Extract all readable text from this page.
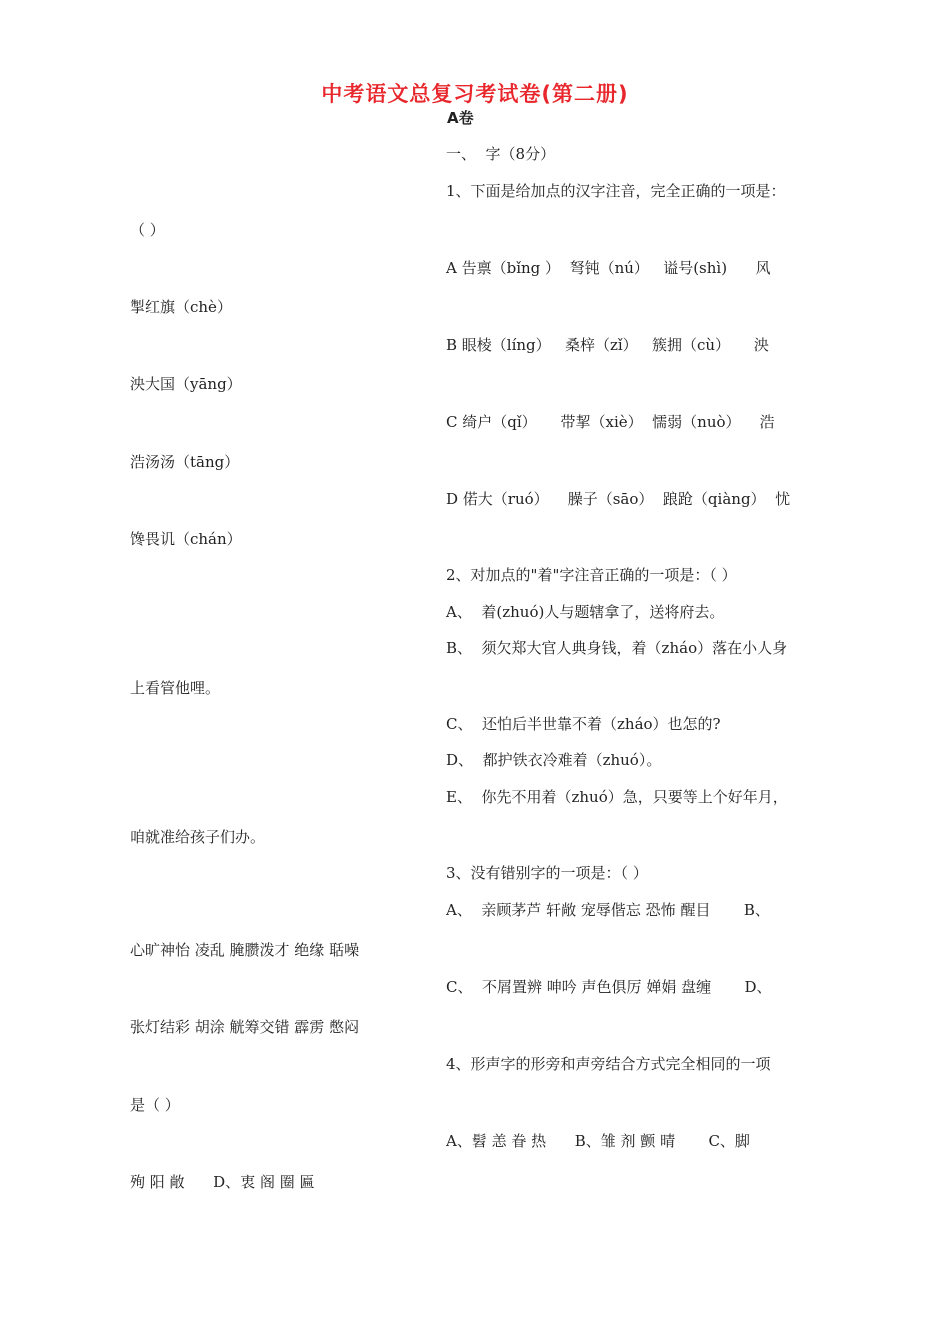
中考语文总复习考试卷(第二册)
A卷
一、  字（8分）
1、下面是给加点的汉字注音，完全正确的一项是：
（ ）
A 告禀（bǐng ）  弩钝（nú）   谥号(shì)      风
掣红旗（chè）
B 眼棱（líng）   桑梓（zǐ）   簇拥（cù）     泱
泱大国（yāng）
C 绮户（qǐ）     带挈（xiè）  懦弱（nuò）    浩
浩汤汤（tāng）
D 偌大（ruó）    臊子（sāo）  踉跄（qiàng）  忧
馋畏讥（chán）
2、对加点的"着"字注音正确的一项是：（ ）
A、  着(zhuó)人与题辖拿了，送将府去。
B、  须欠郑大官人典身钱，着（zháo）落在小人身
上看管他哩。
C、  还怕后半世靠不着（zháo）也怎的?
D、  都护铁衣冷难着（zhuó）。
E、  你先不用着（zhuó）急，只要等上个好年月，
咱就准给孩子们办。
3、没有错别字的一项是：（ ）
A、  亲顾茅芦 轩敞 宠辱偕忘 恐怖 醒目       B、
心旷神怡 凌乱 腌臜泼才 绝缘 聒噪
C、  不屑置辨 呻吟 声色俱厉 婵娟 盘缠       D、
张灯结彩 胡涂 觥筹交错 霹雳 憋闷
4、形声字的形旁和声旁结合方式完全相同的一项
是（ ）
A、髫 恙 眷 热      B、雏 剂 颤 晴       C、脚
殉 阳 敞      D、衷 阁 圈 匾
